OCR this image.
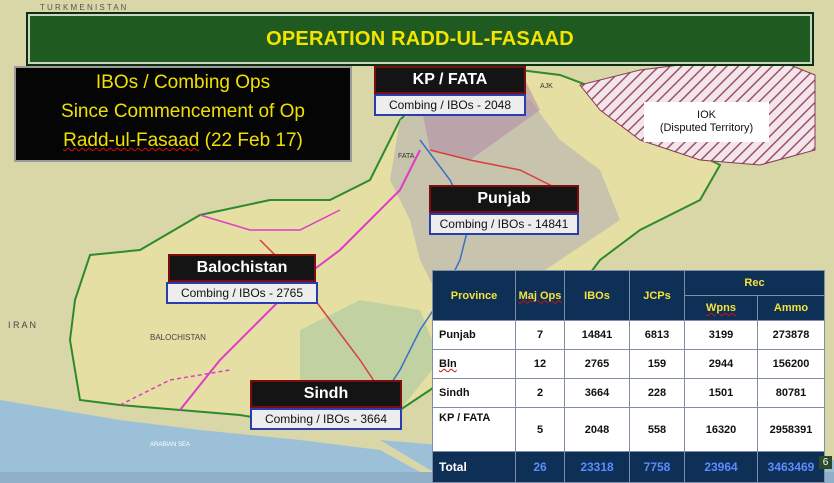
T U R K M E N I S T A N
I R A N
BALOCHISTAN
ARABIAN SEA
FATA
AJK
OPERATION RADD-UL-FASAAD
IBOs / Combing Ops
Since Commencement of Op
Radd-ul-Fasaad (22 Feb 17)
KP / FATA
Combing / IBOs - 2048
Punjab
Combing / IBOs - 14841
Balochistan
Combing / IBOs - 2765
Sindh
Combing / IBOs - 3664
IOK
(Disputed Territory)
Province	Maj Ops	IBOs	JCPs	Rec	
				Wpns	Ammo
Punjab	7	14841	6813	3199	273878
Bln	12	2765	159	2944	156200
Sindh	2	3664	228	1501	80781
KP / FATA	5	2048	558	16320	2958391
Total	26	23318	7758	23964	3463469 6
